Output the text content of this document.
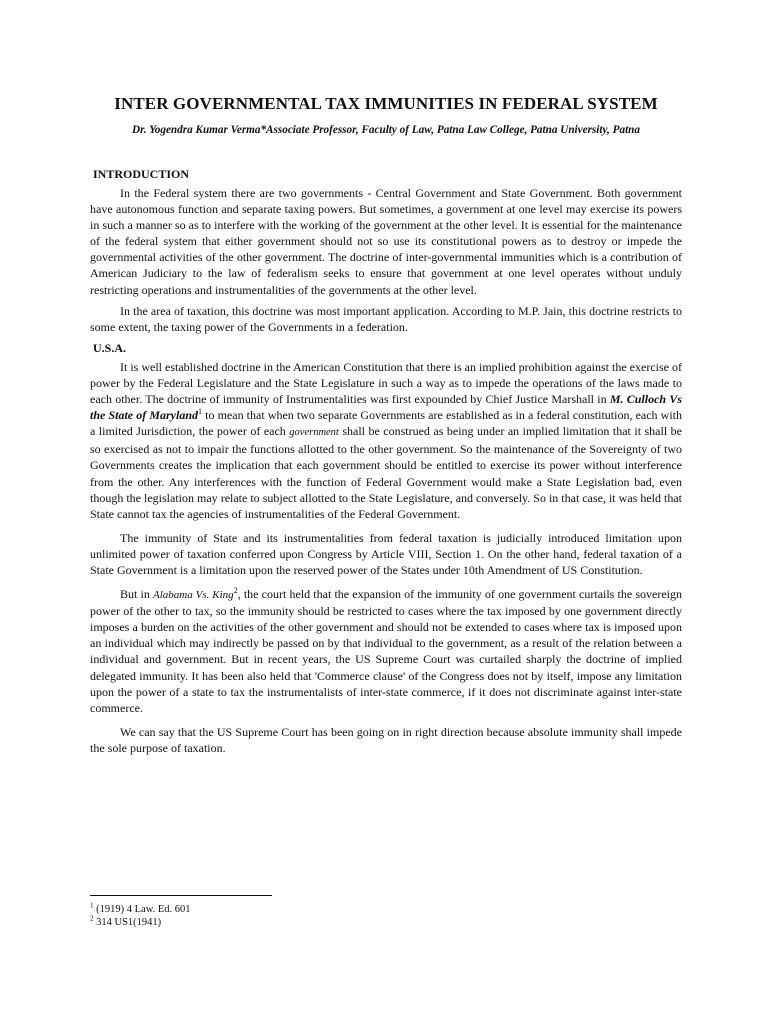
INTER GOVERNMENTAL TAX IMMUNITIES IN FEDERAL SYSTEM
Dr. Yogendra Kumar Verma*Associate Professor, Faculty of Law, Patna Law College, Patna University, Patna
INTRODUCTION

In the Federal system there are two governments - Central Government and State Government. Both government have autonomous function and separate taxing powers. But sometimes, a government at one level may exercise its powers in such a manner so as to interfere with the working of the government at the other level. It is essential for the maintenance of the federal system that either government should not so use its constitutional powers as to destroy or impede the governmental activities of the other government. The doctrine of inter-governmental immunities which is a contribution of American Judiciary to the law of federalism seeks to ensure that government at one level operates without unduly restricting operations and instrumentalities of the governments at the other level.

In the area of taxation, this doctrine was most important application. According to M.P. Jain, this doctrine restricts to some extent, the taxing power of the Governments in a federation.

U.S.A.

It is well established doctrine in the American Constitution that there is an implied prohibition against the exercise of power by the Federal Legislature and the State Legislature in such a way as to impede the operations of the laws made to each other. The doctrine of immunity of Instrumentalities was first expounded by Chief Justice Marshall in M. Culloch Vs the State of Maryland$^1$ to mean that when two separate Governments are established as in a federal constitution, each with a limited Jurisdiction, the power of each government shall be construed as being under an implied limitation that it shall be so exercised as not to impair the functions allotted to the other government. So the maintenance of the Sovereignty of two Governments creates the implication that each government should be entitled to exercise its power without interference from the other. Any interferences with the function of Federal Government would make a State Legislation bad, even though the legislation may relate to subject allotted to the State Legislature, and conversely. So in that case, it was held that State cannot tax the agencies of instrumentalities of the Federal Government.

The immunity of State and its instrumentalities from federal taxation is judicially introduced limitation upon unlimited power of taxation conferred upon Congress by Article VIII, Section 1. On the other hand, federal taxation of a State Government is a limitation upon the reserved power of the States under 10th Amendment of US Constitution.

But in Alabama Vs. King$^2$, the court held that the expansion of the immunity of one government curtails the sovereign power of the other to tax, so the immunity should be restricted to cases where the tax imposed by one government directly imposes a burden on the activities of the other government and should not be extended to cases where tax is imposed upon an individual which may indirectly be passed on by that individual to the government, as a result of the relation between a individual and government. But in recent years, the US Supreme Court was curtailed sharply the doctrine of implied delegated immunity. It has been also held that 'Commerce clause' of the Congress does not by itself, impose any limitation upon the power of a state to tax the instrumentalists of inter-state commerce, if it does not discriminate against inter-state commerce.

We can say that the US Supreme Court has been going on in right direction because absolute immunity shall impede the sole purpose of taxation.

$^1$ (1919) 4 Law. Ed. 601

$^2$ 314 US1(1941)
